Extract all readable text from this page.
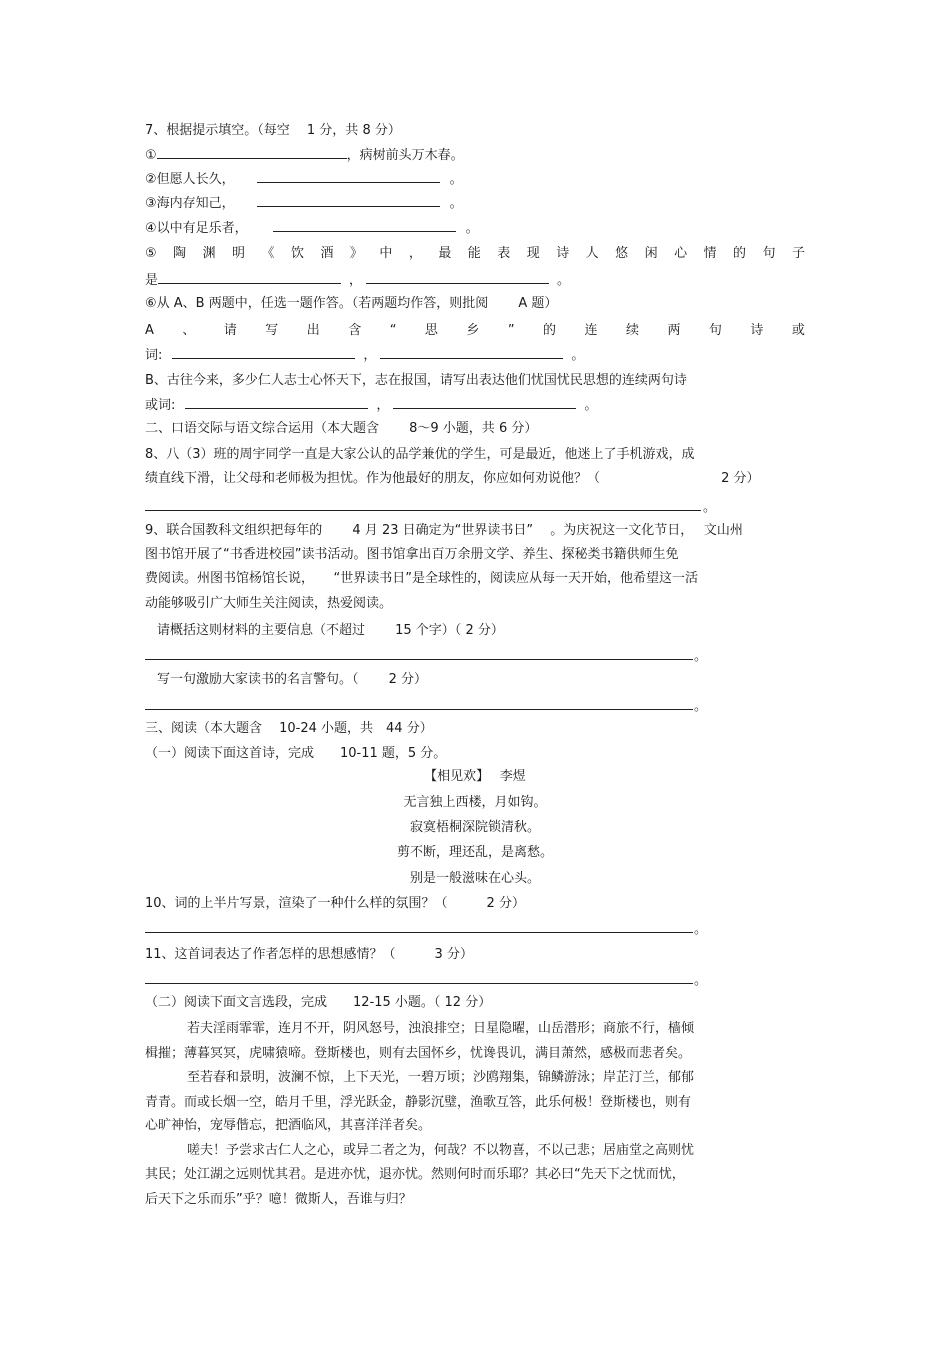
7、根据提示填空。（每空　 1 分，共 8 分）
①	，病树前头万木春。
②但愿人长久，	。
③海内存知己，	。
④以中有足乐者，	。
⑤ 陶 渊 明 《 饮 酒 》 中 ， 最 能 表 现 诗 人 悠 闲 心 情 的 句 子
是	，	。
⑥从 A、B 两题中，任选一题作答。（若两题均作答，则批阅　　 A 题）
A 、 请 写 出 含 “ 思 乡 ” 的 连 续 两 句 诗 或
词:	，	。
B、古往今来，多少仁人志士心怀天下，志在报国，请写出表达他们忧国忧民思想的连续两句诗
或词:	，	。
二、口语交际与语文综合运用（本大题含　　 8～9 小题，共 6 分）
8、八（3）班的周宇同学一直是大家公认的品学兼优的学生，可是最近，他迷上了手机游戏，成
绩直线下滑，让父母和老师极为担忧。作为他最好的朋友，你应如何劝说他？（　　　　　　　　　 2 分）
。
9、联合国教科文组织把每年的　　 4 月 23 日确定为“世界读书日”　 。为庆祝这一文化节日，　 文山州
图书馆开展了“书香进校园”读书活动。图书馆拿出百万余册文学、养生、探秘类书籍供师生免
费阅读。州图书馆杨馆长说，　　“世界读书日”是全球性的，阅读应从每一天开始，他希望这一活
动能够吸引广大师生关注阅读，热爱阅读。
请概括这则材料的主要信息（不超过　　 15 个字）（ 2 分）
。
写一句激励大家读书的名言警句。（　　 2 分）
。
三、阅读（本大题含　 10-24 小题，共　44 分）
（一）阅读下面这首诗，完成　　10-11 题，5 分。
【相见欢】　 李煜
无言独上西楼，月如钩。
寂寞梧桐深院锁清秋。
剪不断，理还乱，是离愁。
别是一般滋味在心头。
10、词的上半片写景，渲染了一种什么样的氛围？（　　　2 分）
。
11、这首词表达了作者怎样的思想感情？（　　　3 分）
。
（二）阅读下面文言选段，完成　　12-15 小题。（ 12 分）
若夫淫雨霏霏，连月不开，阴风怒号，浊浪排空；日星隐曜，山岳潜形；商旅不行，樯倾
楫摧；薄暮冥冥，虎啸猿啼。登斯楼也，则有去国怀乡，忧谗畏讥，满目萧然，感极而悲者矣。
至若春和景明，波澜不惊，上下天光，一碧万顷；沙鸥翔集，锦鳞游泳；岸芷汀兰，郁郁
青青。而或长烟一空，皓月千里，浮光跃金，静影沉璧，渔歌互答，此乐何极！登斯楼也，则有
心旷神怡，宠辱偕忘，把酒临风，其喜洋洋者矣。
嗟夫！予尝求古仁人之心，或异二者之为，何哉？不以物喜，不以己悲；居庙堂之高则忧
其民；处江湖之远则忧其君。是进亦忧，退亦忧。然则何时而乐耶？其必曰“先天下之忧而忧，
后天下之乐而乐”乎？噫！微斯人，吾谁与归？
